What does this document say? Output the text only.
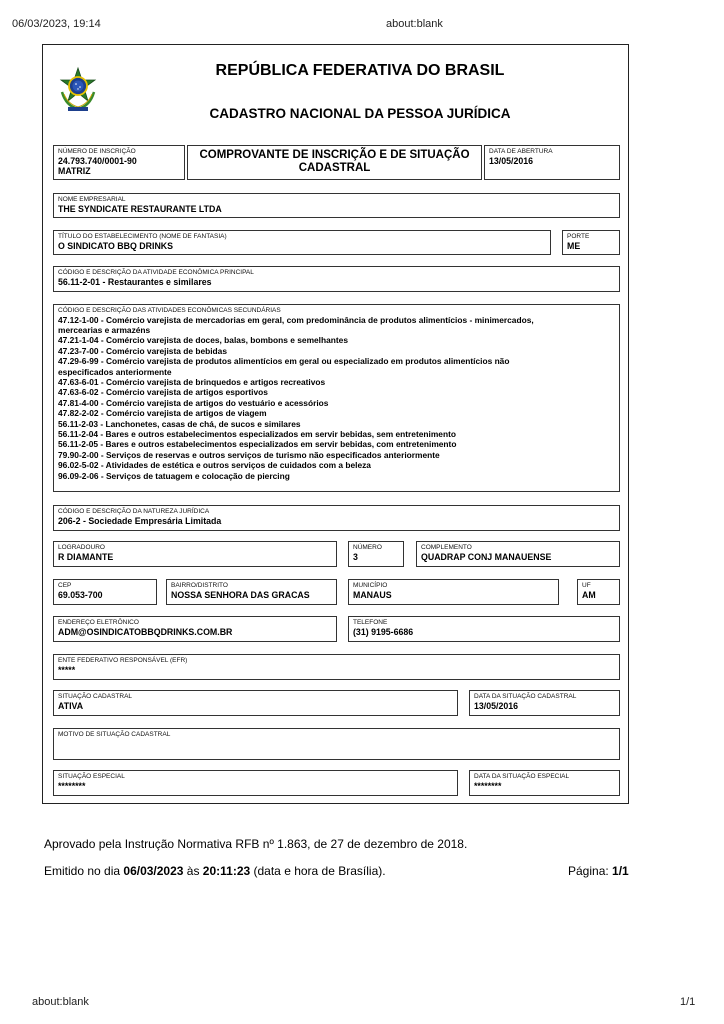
06/03/2023, 19:14	about:blank
REPÚBLICA FEDERATIVA DO BRASIL
CADASTRO NACIONAL DA PESSOA JURÍDICA
NÚMERO DE INSCRIÇÃO
24.793.740/0001-90
MATRIZ
COMPROVANTE DE INSCRIÇÃO E DE SITUAÇÃO
CADASTRAL
DATA DE ABERTURA
13/05/2016
NOME EMPRESARIAL
THE SYNDICATE RESTAURANTE LTDA
TÍTULO DO ESTABELECIMENTO (NOME DE FANTASIA)
O SINDICATO BBQ DRINKS
PORTE
ME
CÓDIGO E DESCRIÇÃO DA ATIVIDADE ECONÔMICA PRINCIPAL
56.11-2-01 - Restaurantes e similares
CÓDIGO E DESCRIÇÃO DAS ATIVIDADES ECONÔMICAS SECUNDÁRIAS
47.12-1-00 - Comércio varejista de mercadorias em geral, com predominância de produtos alimentícios - minimercados,
mercearias e armazéns
47.21-1-04 - Comércio varejista de doces, balas, bombons e semelhantes
47.23-7-00 - Comércio varejista de bebidas
47.29-6-99 - Comércio varejista de produtos alimentícios em geral ou especializado em produtos alimentícios não
especificados anteriormente
47.63-6-01 - Comércio varejista de brinquedos e artigos recreativos
47.63-6-02 - Comércio varejista de artigos esportivos
47.81-4-00 - Comércio varejista de artigos do vestuário e acessórios
47.82-2-02 - Comércio varejista de artigos de viagem
56.11-2-03 - Lanchonetes, casas de chá, de sucos e similares
56.11-2-04 - Bares e outros estabelecimentos especializados em servir bebidas, sem entretenimento
56.11-2-05 - Bares e outros estabelecimentos especializados em servir bebidas, com entretenimento
79.90-2-00 - Serviços de reservas e outros serviços de turismo não especificados anteriormente
96.02-5-02 - Atividades de estética e outros serviços de cuidados com a beleza
96.09-2-06 - Serviços de tatuagem e colocação de piercing
CÓDIGO E DESCRIÇÃO DA NATUREZA JURÍDICA
206-2 - Sociedade Empresária Limitada
LOGRADOURO
R DIAMANTE
NÚMERO
3
COMPLEMENTO
QUADRAP CONJ MANAUENSE
CEP
69.053-700
BAIRRO/DISTRITO
NOSSA SENHORA DAS GRACAS
MUNICÍPIO
MANAUS
UF
AM
ENDEREÇO ELETRÔNICO
ADM@OSINDICATOBBQDRINKS.COM.BR
TELEFONE
(31) 9195-6686
ENTE FEDERATIVO RESPONSÁVEL (EFR)
*****
SITUAÇÃO CADASTRAL
ATIVA
DATA DA SITUAÇÃO CADASTRAL
13/05/2016
MOTIVO DE SITUAÇÃO CADASTRAL
SITUAÇÃO ESPECIAL
********
DATA DA SITUAÇÃO ESPECIAL
********
Aprovado pela Instrução Normativa RFB nº 1.863, de 27 de dezembro de 2018.
Emitido no dia 06/03/2023 às 20:11:23 (data e hora de Brasília).	Página: 1/1
about:blank	1/1
